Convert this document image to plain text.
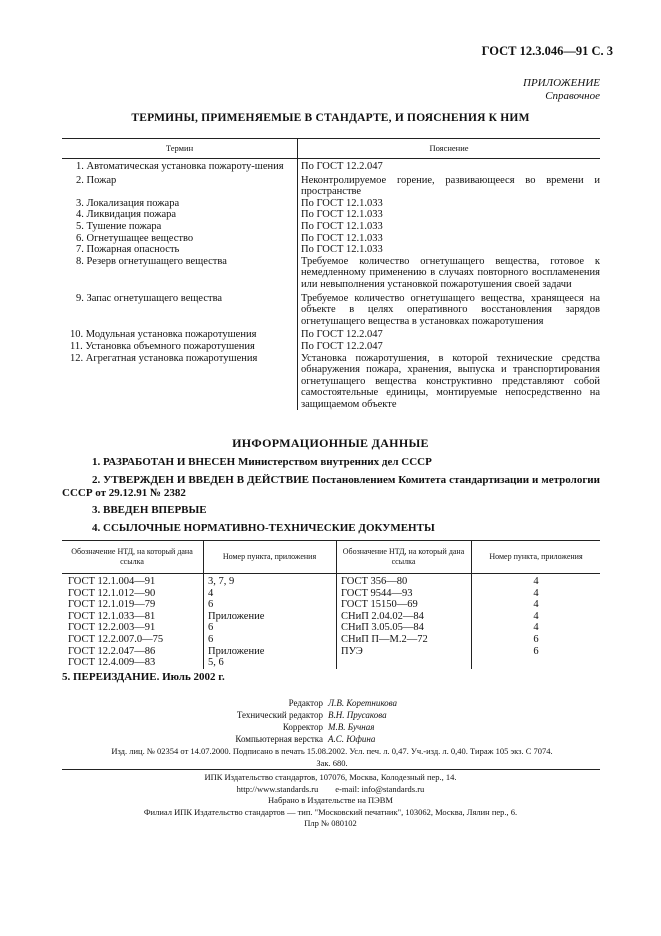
ГОСТ 12.3.046—91 С. 3
ПРИЛОЖЕНИЕ
Справочное
ТЕРМИНЫ, ПРИМЕНЯЕМЫЕ В СТАНДАРТЕ, И ПОЯСНЕНИЯ К НИМ
Термин	Пояснение

1. Автоматическая установка пожароту-шения	По ГОСТ 12.2.047

2. Пожар	Неконтролируемое горение, развивающееся во времени и пространстве
3. Локализация пожара	По ГОСТ 12.1.033
4. Ликвидация пожара	По ГОСТ 12.1.033
5. Тушение пожара	По ГОСТ 12.1.033
6. Огнетушащее вещество	По ГОСТ 12.1.033
7. Пожарная опасность	По ГОСТ 12.1.033
8. Резерв огнетушащего вещества	Требуемое количество огнетушащего вещества, готовое к немедленному применению в случаях повторного воспламенения или невыполнения установкой пожаротушения своей задачи

9. Запас огнетушащего вещества	Требуемое количество огнетушащего вещества, хранящееся на объекте в целях оперативного восстановления зарядов огнетушащего вещества в установках пожаротушения

10. Модульная установка пожаротушения	По ГОСТ 12.2.047
11. Установка объемного пожаротушения	По ГОСТ 12.2.047
12. Агрегатная установка пожаротушения	Установка пожаротушения, в которой технические средства обнаружения пожара, хранения, выпуска и транспортирования огнетушащего вещества конструктивно представляют собой самостоятельные единицы, монтируемые непосредственно на защищаемом объекте
ИНФОРМАЦИОННЫЕ ДАННЫЕ
1. РАЗРАБОТАН И ВНЕСЕН Министерством внутренних дел СССР
2. УТВЕРЖДЕН И ВВЕДЕН В ДЕЙСТВИЕ Постановлением Комитета стандартизации и метрологии СССР от 29.12.91 № 2382
3. ВВЕДЕН ВПЕРВЫЕ
4. ССЫЛОЧНЫЕ НОРМАТИВНО-ТЕХНИЧЕСКИЕ ДОКУМЕНТЫ
Обозначение НТД, на который дана ссылка	Номер пункта, приложения	Обозначение НТД, на который дана ссылка	Номер пункта, приложения

ГОСТ 12.1.004—91	3, 7, 9	ГОСТ 356—80	4
ГОСТ 12.1.012—90	4	ГОСТ 9544—93	4
ГОСТ 12.1.019—79	6	ГОСТ 15150—69	4
ГОСТ 12.1.033—81	Приложение	СНиП 2.04.02—84	4
ГОСТ 12.2.003—91	6	СНиП 3.05.05—84	4
ГОСТ 12.2.007.0—75	6	СНиП П—М.2—72	6
ГОСТ 12.2.047—86	Приложение	ПУЭ	6
ГОСТ 12.4.009—83	5, 6		
5. ПЕРЕИЗДАНИЕ. Июль 2002 г.
Редактор Л.В. Коретникова
Технический редактор В.Н. Прусакова
Корректор М.В. Бучная
Компьютерная верстка А.С. Юфина
Изд. лиц. № 02354 от 14.07.2000. Подписано в печать 15.08.2002. Усл. печ. л. 0,47. Уч.-изд. л. 0,40. Тираж 105 экз. С 7074.
Зак. 680.
ИПК Издательство стандартов, 107076, Москва, Колодезный пер., 14.
http://www.standards.ru        e-mail: info@standards.ru
Набрано в Издательстве на ПЭВМ
Филиал ИПК Издательство стандартов — тип. "Московский печатник", 103062, Москва, Лялин пер., 6.
Плр № 080102
